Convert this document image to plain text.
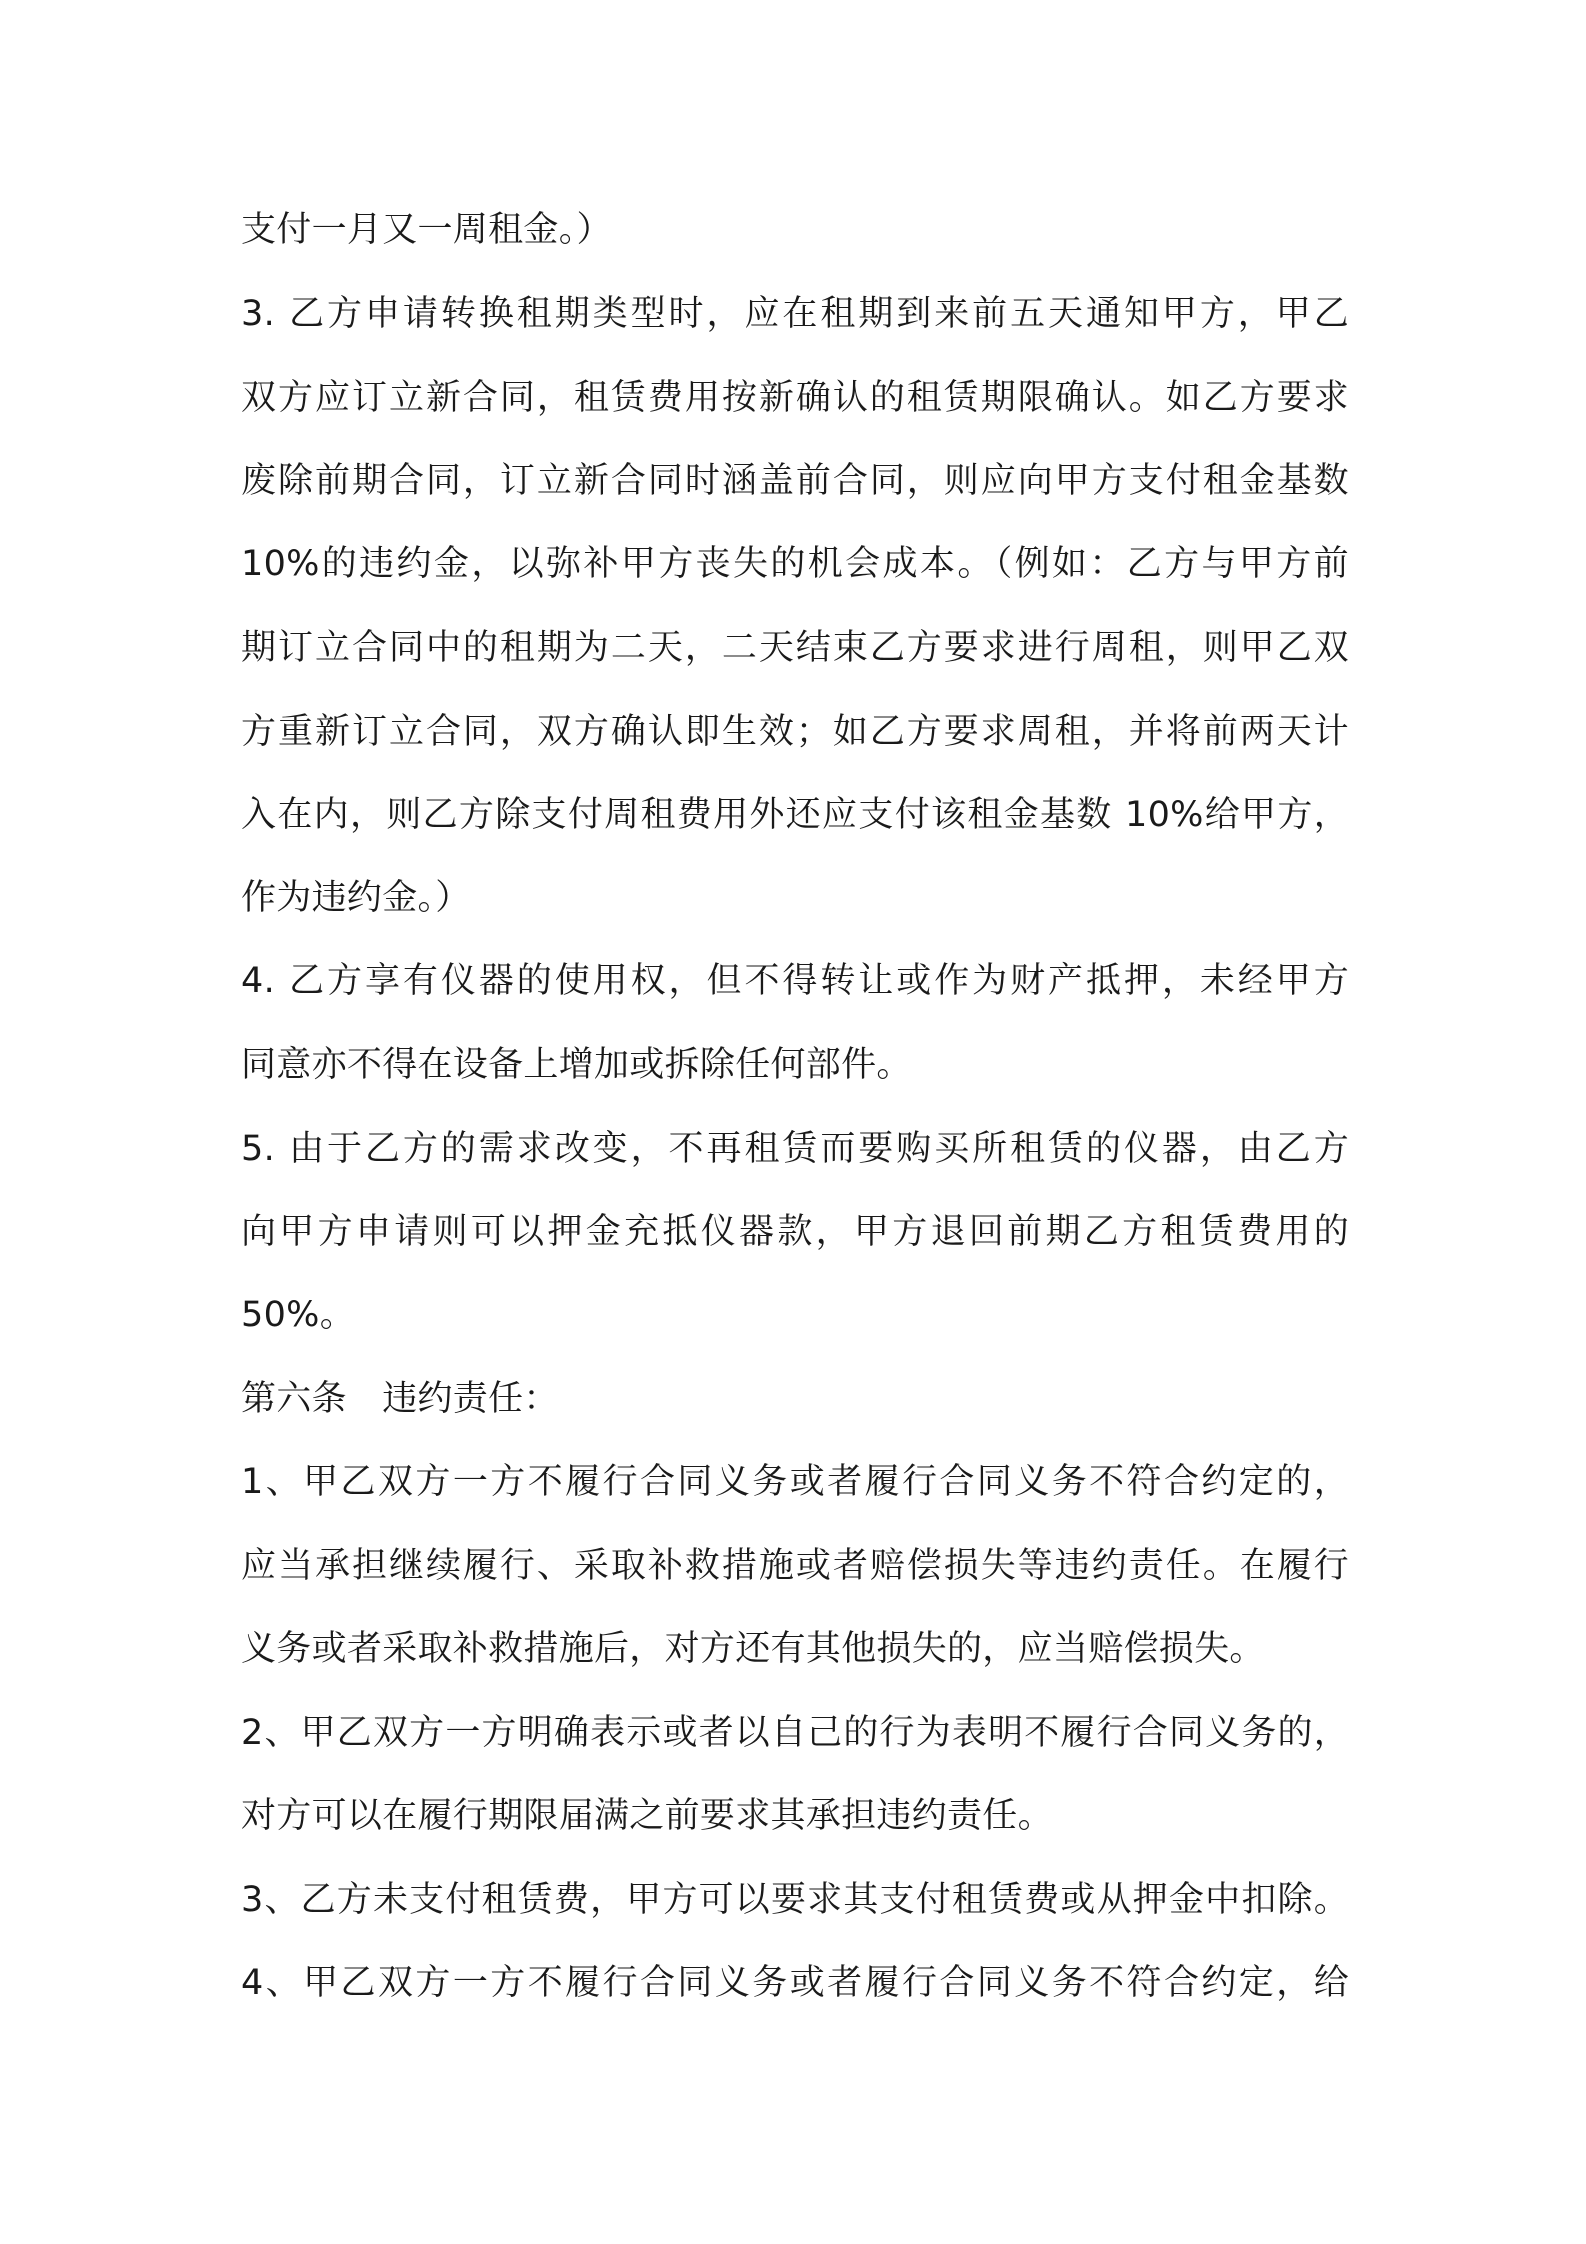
支付一月又一周租金。）
3. 乙方申请转换租期类型时，应在租期到来前五天通知甲方，甲乙
双方应订立新合同，租赁费用按新确认的租赁期限确认。如乙方要求
废除前期合同，订立新合同时涵盖前合同，则应向甲方支付租金基数
10%的违约金，以弥补甲方丧失的机会成本。（例如：乙方与甲方前
期订立合同中的租期为二天，二天结束乙方要求进行周租，则甲乙双
方重新订立合同，双方确认即生效；如乙方要求周租，并将前两天计
入在内，则乙方除支付周租费用外还应支付该租金基数 10%给甲方，
作为违约金。）
4. 乙方享有仪器的使用权，但不得转让或作为财产抵押，未经甲方
同意亦不得在设备上增加或拆除任何部件。
5. 由于乙方的需求改变，不再租赁而要购买所租赁的仪器，由乙方
向甲方申请则可以押金充抵仪器款，甲方退回前期乙方租赁费用的
50%。
第六条　违约责任：
1、甲乙双方一方不履行合同义务或者履行合同义务不符合约定的，
应当承担继续履行、采取补救措施或者赔偿损失等违约责任。在履行
义务或者采取补救措施后，对方还有其他损失的，应当赔偿损失。
2、甲乙双方一方明确表示或者以自己的行为表明不履行合同义务的，
对方可以在履行期限届满之前要求其承担违约责任。
3、乙方未支付租赁费，甲方可以要求其支付租赁费或从押金中扣除。
4、甲乙双方一方不履行合同义务或者履行合同义务不符合约定，给
